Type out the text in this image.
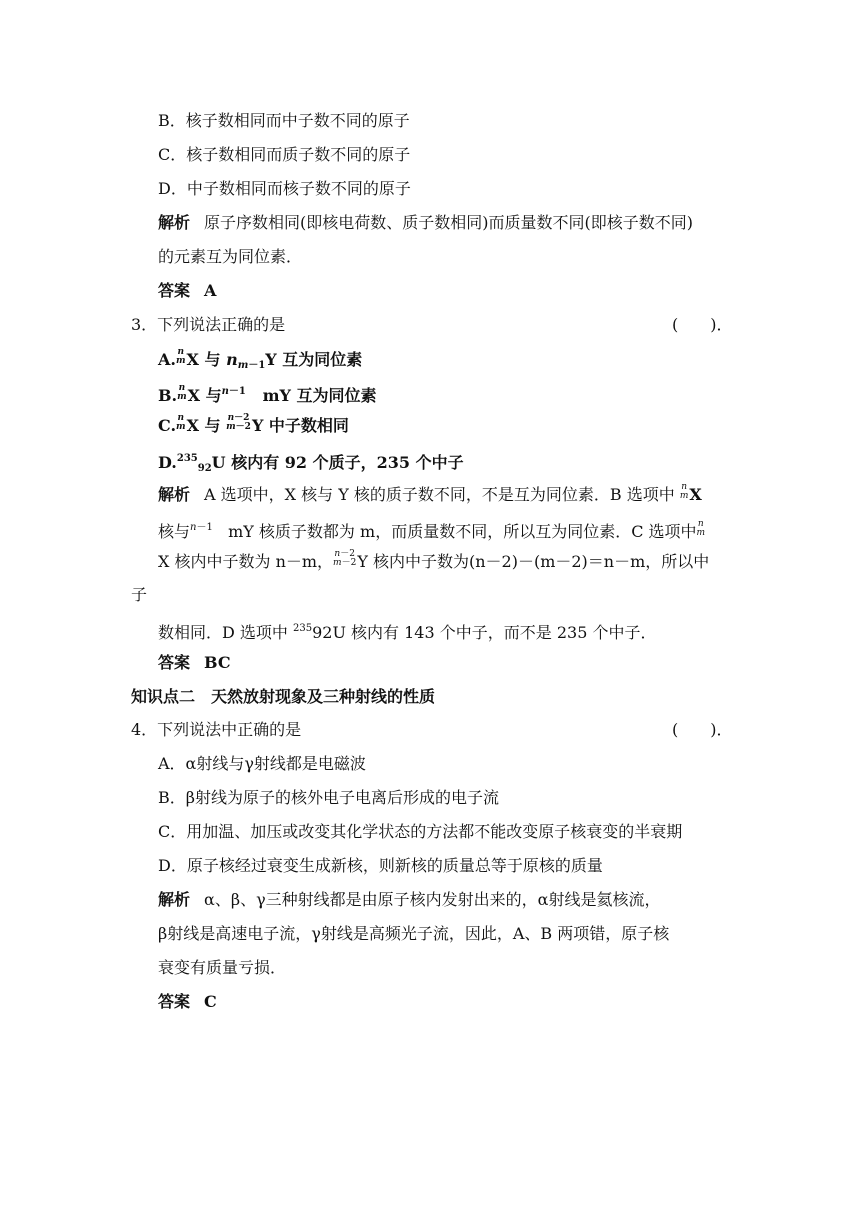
B．核子数相同而中子数不同的原子
C．核子数相同而质子数不同的原子
D．中子数相同而核子数不同的原子
解析 原子序数相同(即核电荷数、质子数相同)而质量数不同(即核子数不同)
的元素互为同位素．
答案 A
3．下列说法正确的是	(　　)．
A. n
m X 与 $n_{m-1}Y$ 互为同位素
B. n
m X 与$^{n-1}$ mY 互为同位素
C. n
m X 与 n－2
m－2 Y 中子数相同
D.$^{235}_{92}$U 核内有 92 个质子，235 个中子
解析 A 选项中，X 核与 Y 核的质子数不同，不是互为同位素．B 选项中 n
m X
核与$^{n-1}$ mY 核质子数都为 m，而质量数不同，所以互为同位素．C 选项中 n
m
X 核内中子数为 n－m， n－2
m－2 Y 核内中子数为(n－2)－(m－2)＝n－m，所以中
子
数相同．D 选项中 $^{235}$92U 核内有 143 个中子，而不是 235 个中子．
答案 BC
知识点二　天然放射现象及三种射线的性质
4．下列说法中正确的是	(　　)．
A．α射线与γ射线都是电磁波
B．β射线为原子的核外电子电离后形成的电子流
C．用加温、加压或改变其化学状态的方法都不能改变原子核衰变的半衰期
D．原子核经过衰变生成新核，则新核的质量总等于原核的质量
解析 α、β、γ三种射线都是由原子核内发射出来的，α射线是氦核流，
β射线是高速电子流，γ射线是高频光子流，因此，A、B 两项错，原子核
衰变有质量亏损．
答案 C
